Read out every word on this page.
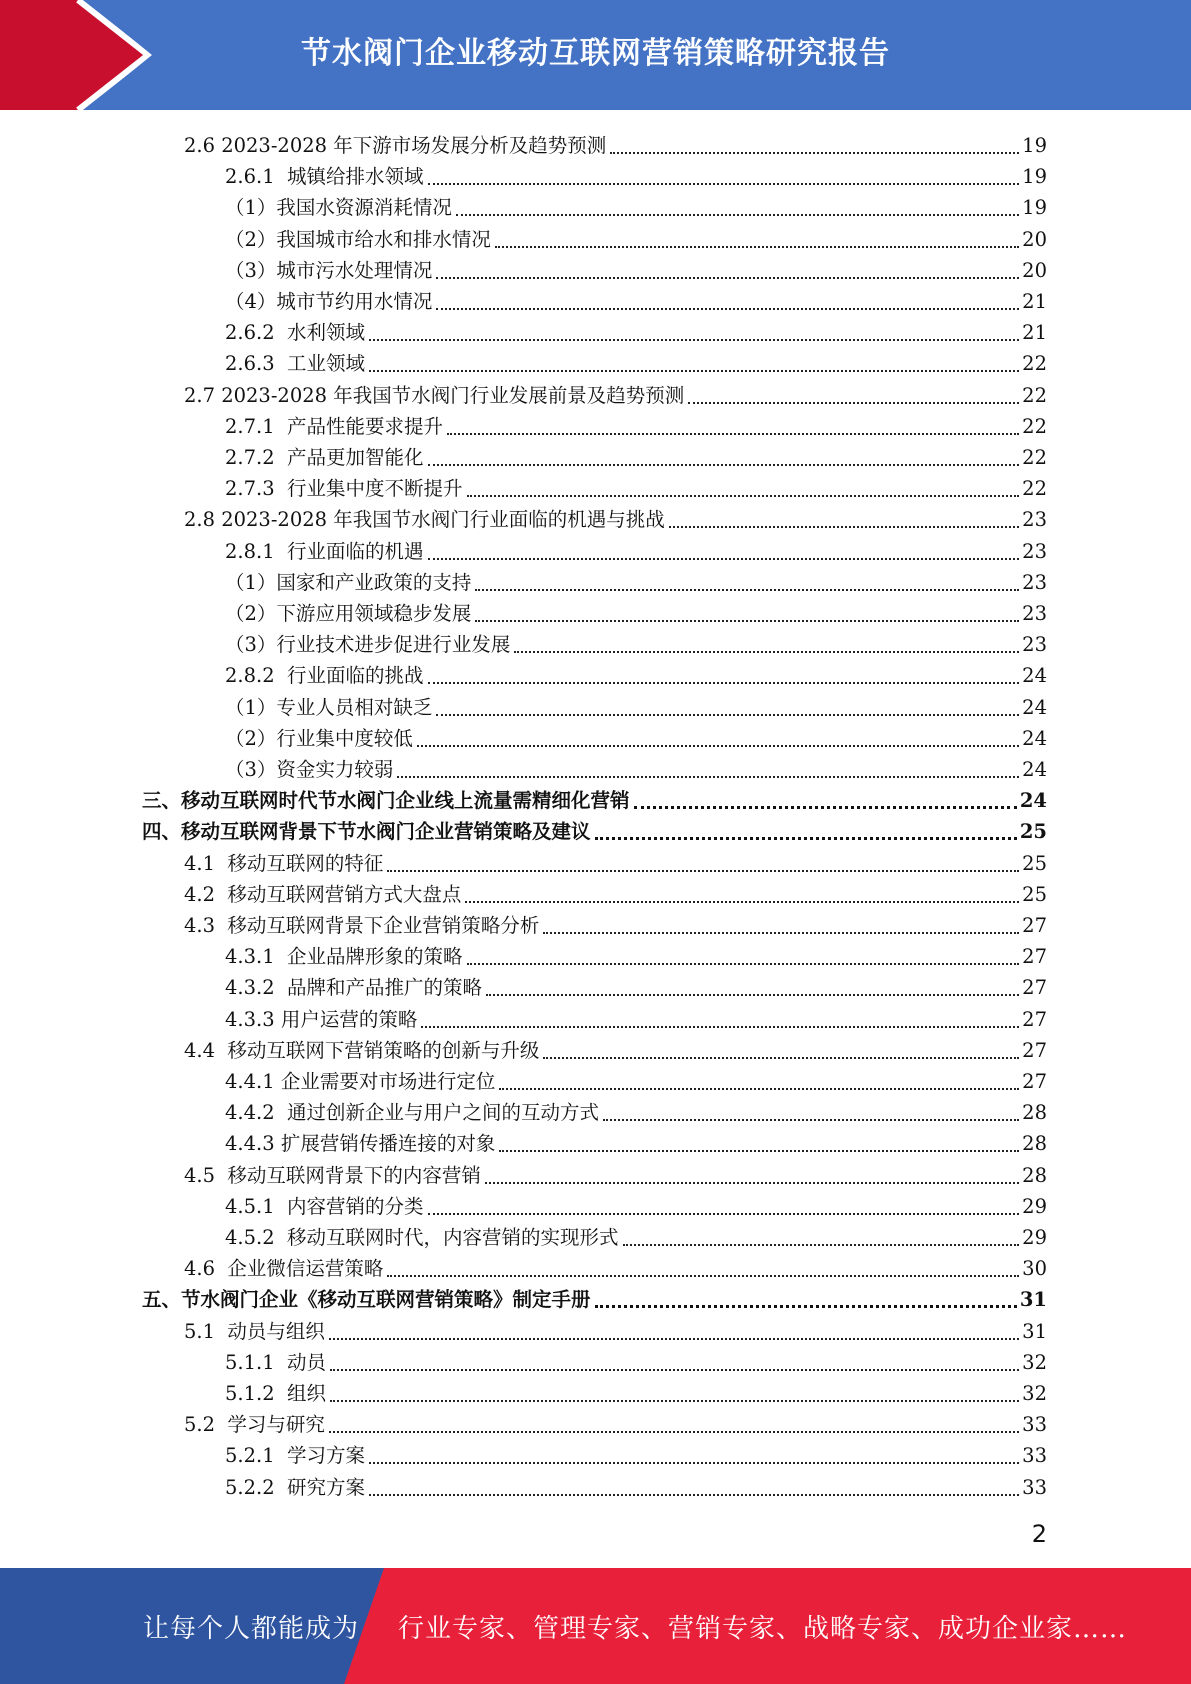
节水阀门企业移动互联网营销策略研究报告
2.6 2023-2028 年下游市场发展分析及趋势预测	19
2.6.1  城镇给排水领域	19
（1）我国水资源消耗情况	19
（2）我国城市给水和排水情况	20
（3）城市污水处理情况	20
（4）城市节约用水情况	21
2.6.2  水利领域	21
2.6.3  工业领域	22
2.7 2023-2028 年我国节水阀门行业发展前景及趋势预测	22
2.7.1  产品性能要求提升	22
2.7.2  产品更加智能化	22
2.7.3  行业集中度不断提升	22
2.8 2023-2028 年我国节水阀门行业面临的机遇与挑战	23
2.8.1  行业面临的机遇	23
（1）国家和产业政策的支持	23
（2）下游应用领域稳步发展	23
（3）行业技术进步促进行业发展	23
2.8.2  行业面临的挑战	24
（1）专业人员相对缺乏	24
（2）行业集中度较低	24
（3）资金实力较弱	24
三、移动互联网时代节水阀门企业线上流量需精细化营销	24
四、移动互联网背景下节水阀门企业营销策略及建议	25
4.1  移动互联网的特征	25
4.2  移动互联网营销方式大盘点	25
4.3  移动互联网背景下企业营销策略分析	27
4.3.1  企业品牌形象的策略	27
4.3.2  品牌和产品推广的策略	27
4.3.3 用户运营的策略	27
4.4  移动互联网下营销策略的创新与升级	27
4.4.1 企业需要对市场进行定位	27
4.4.2  通过创新企业与用户之间的互动方式	28
4.4.3 扩展营销传播连接的对象	28
4.5  移动互联网背景下的内容营销	28
4.5.1  内容营销的分类	29
4.5.2  移动互联网时代，内容营销的实现形式	29
4.6  企业微信运营策略	30
五、节水阀门企业《移动互联网营销策略》制定手册	31
5.1  动员与组织	31
5.1.1  动员	32
5.1.2  组织	32
5.2  学习与研究	33
5.2.1  学习方案	33
5.2.2  研究方案	33
2
让每个人都能成为 行业专家、管理专家、营销专家、战略专家、成功企业家……
